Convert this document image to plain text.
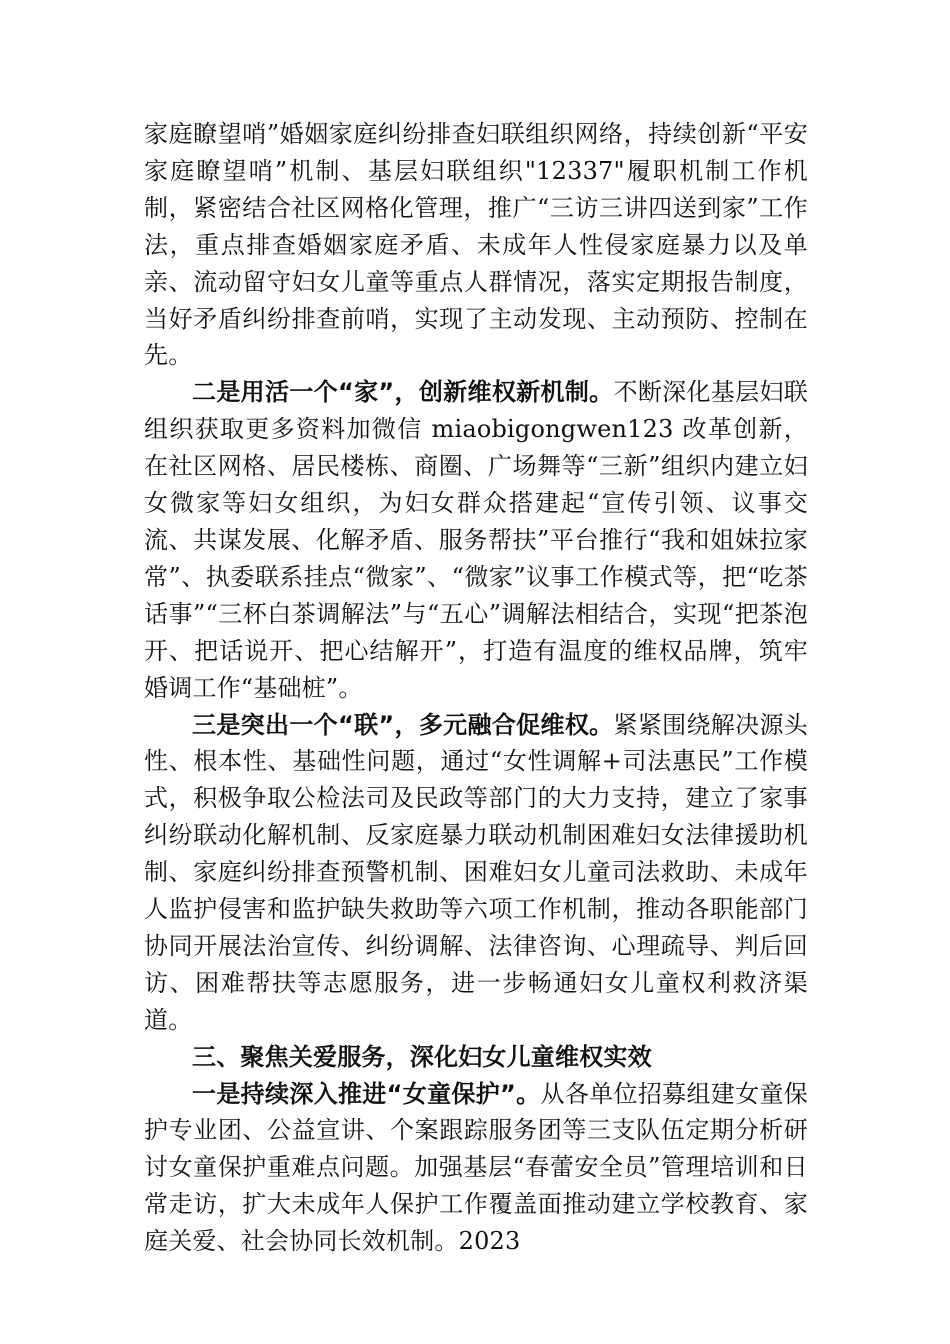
家庭瞭望哨”婚姻家庭纠纷排查妇联组织网络，持续创新“平安家庭瞭望哨”机制、基层妇联组织"12337"履职机制工作机制，紧密结合社区网格化管理，推广“三访三讲四送到家”工作法，重点排查婚姻家庭矛盾、未成年人性侵家庭暴力以及单亲、流动留守妇女儿童等重点人群情况，落实定期报告制度，当好矛盾纠纷排查前哨，实现了主动发现、主动预防、控制在先。

二是用活一个“家”，创新维权新机制。不断深化基层妇联组织获取更多资料加微信 miaobigongwen123 改革创新，在社区网格、居民楼栋、商圈、广场舞等“三新”组织内建立妇女微家等妇女组织，为妇女群众搭建起“宣传引领、议事交流、共谋发展、化解矛盾、服务帮扶”平台推行“我和姐妹拉家常”、执委联系挂点“微家”、“微家”议事工作模式等，把“吃茶话事”“三杯白茶调解法”与“五心”调解法相结合，实现“把茶泡开、把话说开、把心结解开”，打造有温度的维权品牌，筑牢婚调工作“基础桩”。

三是突出一个“联”，多元融合促维权。紧紧围绕解决源头性、根本性、基础性问题，通过“女性调解+司法惠民”工作模式，积极争取公检法司及民政等部门的大力支持，建立了家事纠纷联动化解机制、反家庭暴力联动机制困难妇女法律援助机制、家庭纠纷排查预警机制、困难妇女儿童司法救助、未成年人监护侵害和监护缺失救助等六项工作机制，推动各职能部门协同开展法治宣传、纠纷调解、法律咨询、心理疏导、判后回访、困难帮扶等志愿服务，进一步畅通妇女儿童权利救济渠道。

三、聚焦关爱服务，深化妇女儿童维权实效

一是持续深入推进“女童保护”。从各单位招募组建女童保护专业团、公益宣讲、个案跟踪服务团等三支队伍定期分析研讨女童保护重难点问题。加强基层“春蕾安全员”管理培训和日常走访，扩大未成年人保护工作覆盖面推动建立学校教育、家庭关爱、社会协同长效机制。2023
